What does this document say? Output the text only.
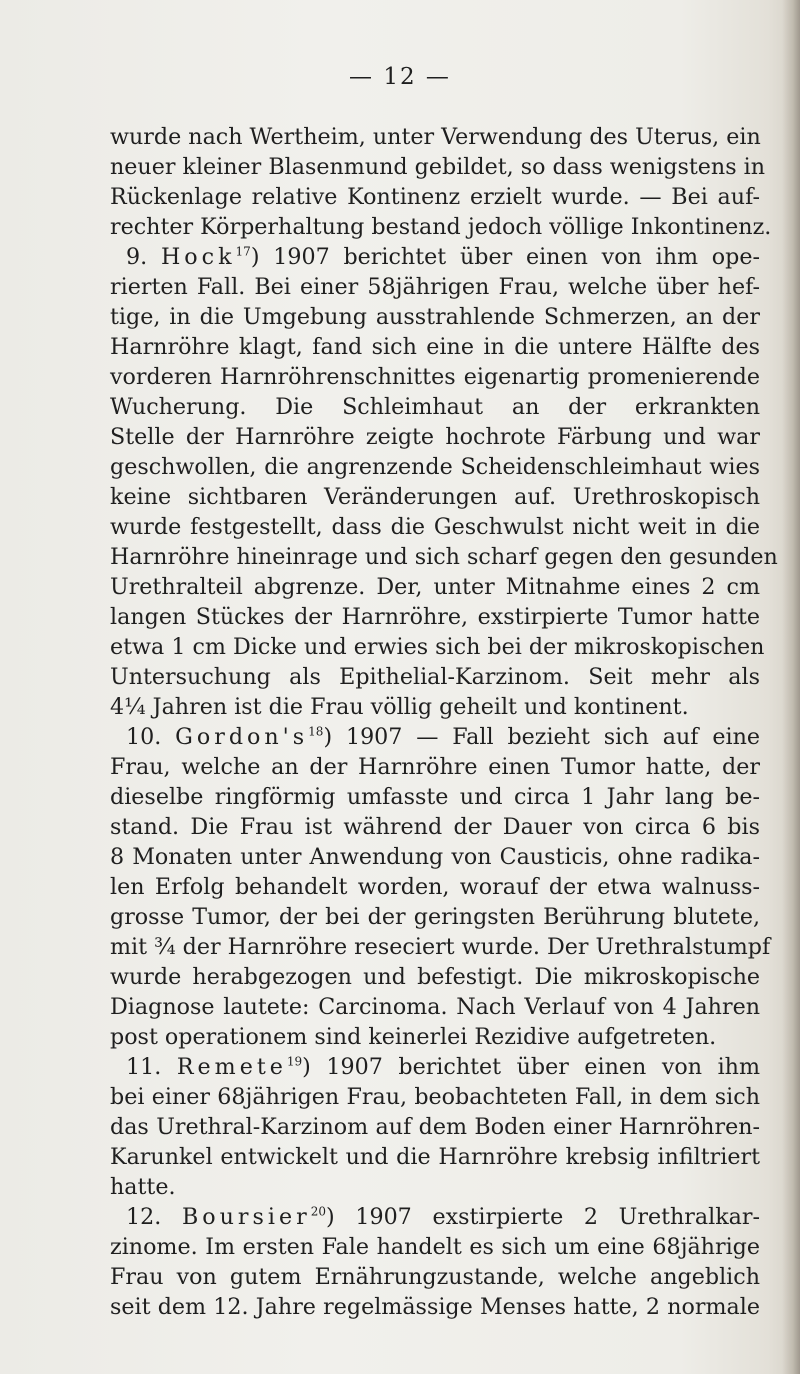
— 12 —
wurde nach Wertheim, unter Verwendung des Uterus, ein
neuer kleiner Blasenmund gebildet, so dass wenigstens in
Rückenlage relative Kontinenz erzielt wurde. — Bei auf-
rechter Körperhaltung bestand jedoch völlige Inkontinenz.
9. Hock$^{17}$) 1907 berichtet über einen von ihm ope-
rierten Fall. Bei einer 58jährigen Frau, welche über hef-
tige, in die Umgebung ausstrahlende Schmerzen, an der
Harnröhre klagt, fand sich eine in die untere Hälfte des
vorderen Harnröhrenschnittes eigenartig promenierende
Wucherung. Die Schleimhaut an der erkrankten
Stelle der Harnröhre zeigte hochrote Färbung und war
geschwollen, die angrenzende Scheidenschleimhaut wies
keine sichtbaren Veränderungen auf. Urethroskopisch
wurde festgestellt, dass die Geschwulst nicht weit in die
Harnröhre hineinrage und sich scharf gegen den gesunden
Urethralteil abgrenze. Der, unter Mitnahme eines 2 cm
langen Stückes der Harnröhre, exstirpierte Tumor hatte
etwa 1 cm Dicke und erwies sich bei der mikroskopischen
Untersuchung als Epithelial-Karzinom. Seit mehr als
4¼ Jahren ist die Frau völlig geheilt und kontinent.
10. $Gordon's^{18}$) 1907 — Fall bezieht sich auf eine
Frau, welche an der Harnröhre einen Tumor hatte, der
dieselbe ringförmig umfasste und circa 1 Jahr lang be-
stand. Die Frau ist während der Dauer von circa 6 bis
8 Monaten unter Anwendung von Causticis, ohne radika-
len Erfolg behandelt worden, worauf der etwa walnuss-
grosse Tumor, der bei der geringsten Berührung blutete,
mit ¾ der Harnröhre reseciert wurde. Der Urethralstumpf
wurde herabgezogen und befestigt. Die mikroskopische
Diagnose lautete: Carcinoma. Nach Verlauf von 4 Jahren
post operationem sind keinerlei Rezidive aufgetreten.
11. Remete$^{19}$) 1907 berichtet über einen von ihm
bei einer 68jährigen Frau, beobachteten Fall, in dem sich
das Urethral-Karzinom auf dem Boden einer Harnröhren-
Karunkel entwickelt und die Harnröhre krebsig infiltriert
hatte.
12. Boursier$^{20}$) 1907 exstirpierte 2 Urethralkar-
zinome. Im ersten Fale handelt es sich um eine 68jährige
Frau von gutem Ernährungzustande, welche angeblich
seit dem 12. Jahre regelmässige Menses hatte, 2 normale
